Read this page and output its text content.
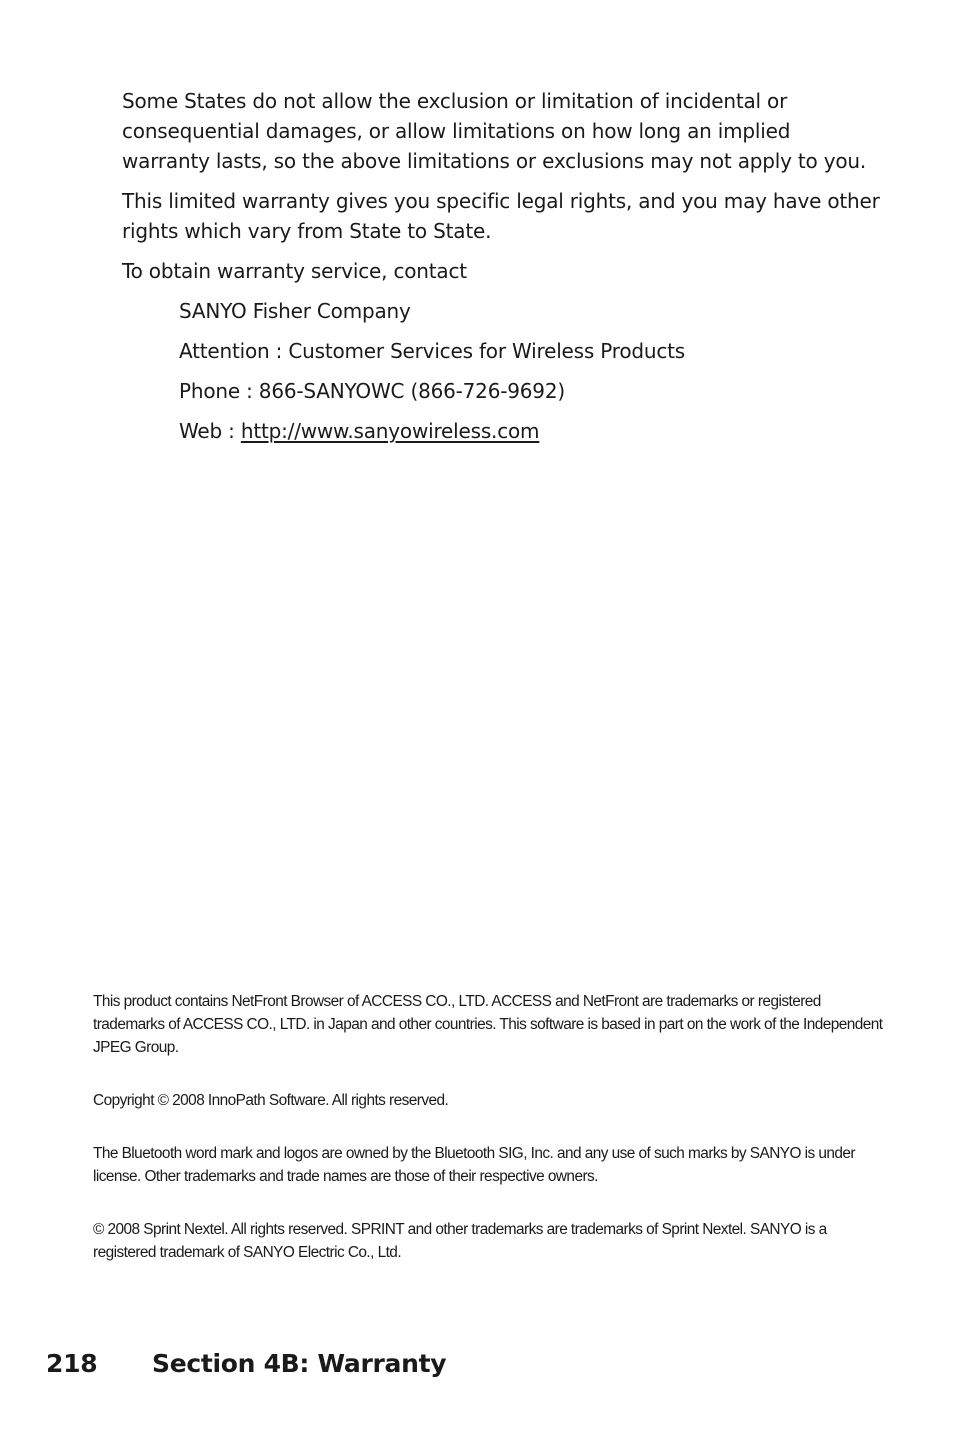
Some States do not allow the exclusion or limitation of incidental or consequential damages, or allow limitations on how long an implied warranty lasts, so the above limitations or exclusions may not apply to you.

This limited warranty gives you specific legal rights, and you may have other rights which vary from State to State.

To obtain warranty service, contact

SANYO Fisher Company
Attention : Customer Services for Wireless Products
Phone : 866-SANYOWC (866-726-9692)
Web : http://www.sanyowireless.com

This product contains NetFront Browser of ACCESS CO., LTD. ACCESS and NetFront are trademarks or registered trademarks of ACCESS CO., LTD. in Japan and other countries. This software is based in part on the work of the Independent JPEG Group.

Copyright © 2008 InnoPath Software. All rights reserved.

The Bluetooth word mark and logos are owned by the Bluetooth SIG, Inc. and any use of such marks by SANYO is under license. Other trademarks and trade names are those of their respective owners.

© 2008 Sprint Nextel. All rights reserved. SPRINT and other trademarks are trademarks of Sprint Nextel. SANYO is a registered trademark of SANYO Electric Co., Ltd.

218 Section 4B: Warranty
